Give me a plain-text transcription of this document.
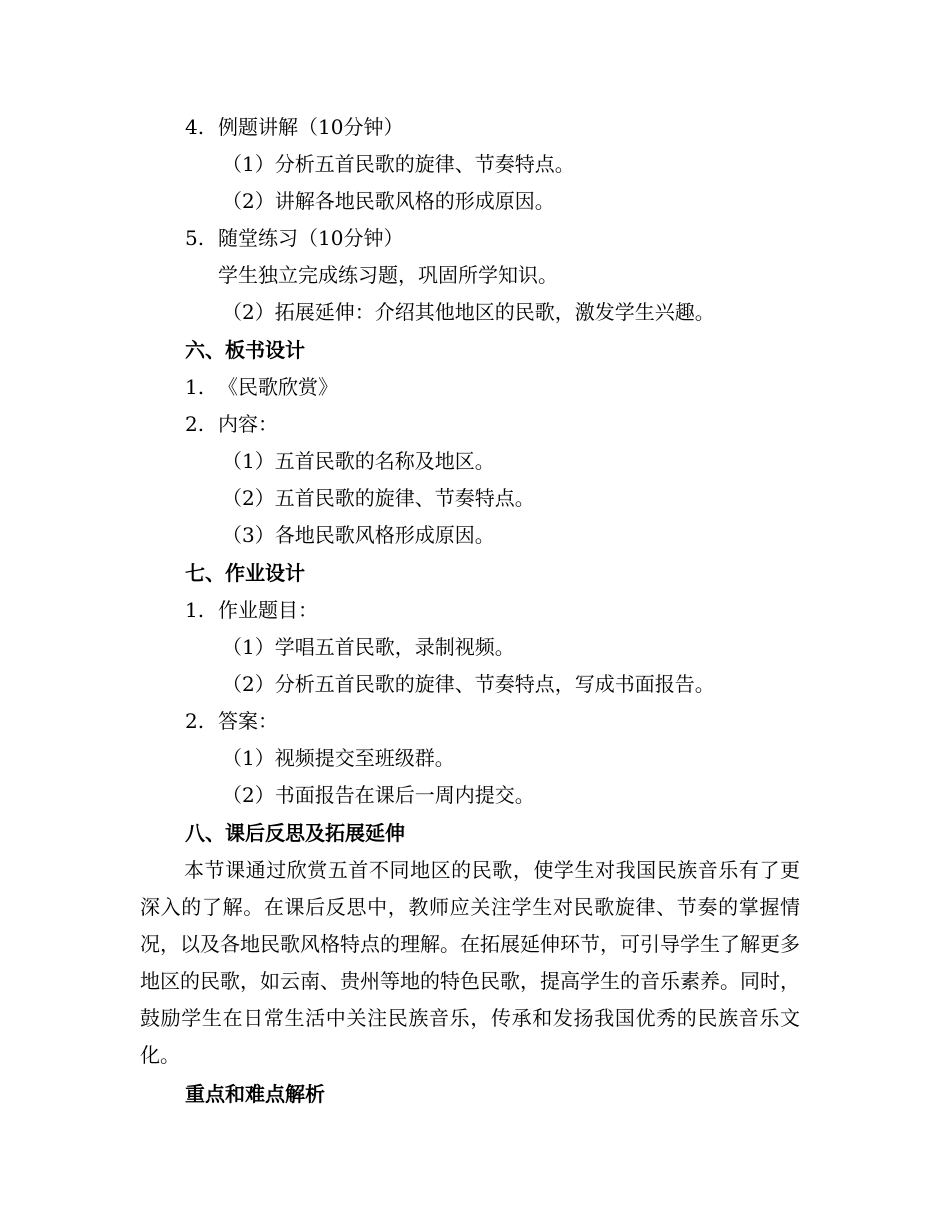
4. 例题讲解（10分钟）
（1）分析五首民歌的旋律、节奏特点。
（2）讲解各地民歌风格的形成原因。
5. 随堂练习（10分钟）
学生独立完成练习题，巩固所学知识。
（2）拓展延伸：介绍其他地区的民歌，激发学生兴趣。
六、板书设计
1. 《民歌欣赏》
2. 内容：
（1）五首民歌的名称及地区。
（2）五首民歌的旋律、节奏特点。
（3）各地民歌风格形成原因。
七、作业设计
1. 作业题目：
（1）学唱五首民歌，录制视频。
（2）分析五首民歌的旋律、节奏特点，写成书面报告。
2. 答案：
（1）视频提交至班级群。
（2）书面报告在课后一周内提交。
八、课后反思及拓展延伸
本节课通过欣赏五首不同地区的民歌，使学生对我国民族音乐有了更深入的了解。在课后反思中，教师应关注学生对民歌旋律、节奏的掌握情况，以及各地民歌风格特点的理解。在拓展延伸环节，可引导学生了解更多地区的民歌，如云南、贵州等地的特色民歌，提高学生的音乐素养。同时，鼓励学生在日常生活中关注民族音乐，传承和发扬我国优秀的民族音乐文化。
重点和难点解析
